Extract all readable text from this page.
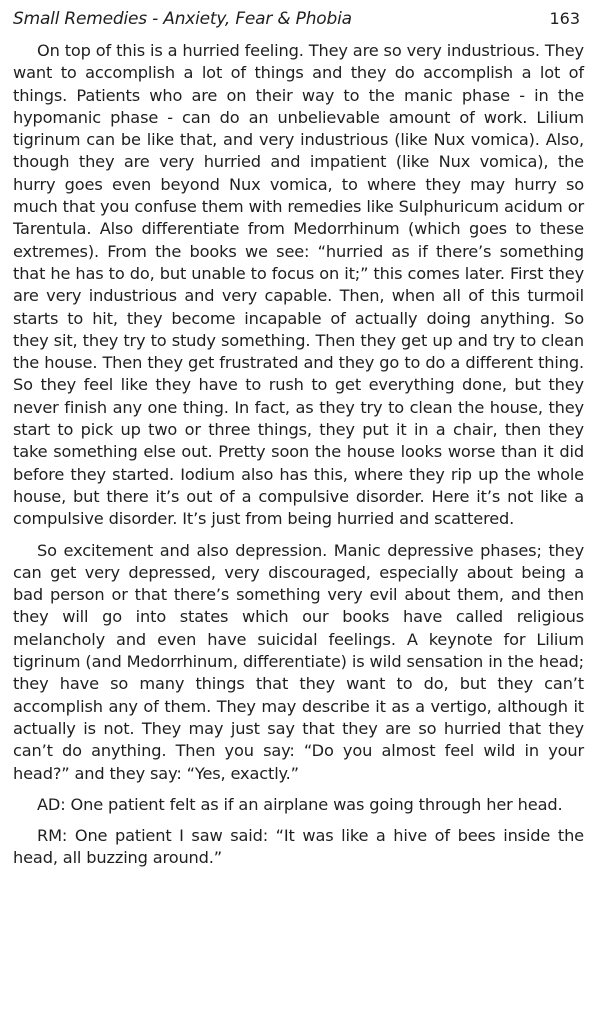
Small Remedies - Anxiety, Fear & Phobia	163

On top of this is a hurried feeling. They are so very industrious. They want to accomplish a lot of things and they do accomplish a lot of things. Patients who are on their way to the manic phase - in the hypomanic phase - can do an unbelievable amount of work. Lilium tigrinum can be like that, and very industrious (like Nux vomica). Also, though they are very hurried and impatient (like Nux vomica), the hurry goes even beyond Nux vomica, to where they may hurry so much that you confuse them with remedies like Sulphuricum acidum or Tarentula. Also differentiate from Medorrhinum (which goes to these extremes). From the books we see: “hurried as if there’s something that he has to do, but unable to focus on it;” this comes later. First they are very industrious and very capable. Then, when all of this turmoil starts to hit, they become incapable of actually doing anything. So they sit, they try to study something. Then they get up and try to clean the house. Then they get frustrated and they go to do a different thing. So they feel like they have to rush to get everything done, but they never finish any one thing. In fact, as they try to clean the house, they start to pick up two or three things, they put it in a chair, then they take something else out. Pretty soon the house looks worse than it did before they started. Iodium also has this, where they rip up the whole house, but there it’s out of a compulsive disorder. Here it’s not like a compulsive disorder. It’s just from being hurried and scattered.

So excitement and also depression. Manic depressive phases; they can get very depressed, very discouraged, especially about being a bad person or that there’s something very evil about them, and then they will go into states which our books have called religious melancholy and even have suicidal feelings. A keynote for Lilium tigrinum (and Medorrhinum, differentiate) is wild sensation in the head; they have so many things that they want to do, but they can’t accomplish any of them. They may describe it as a vertigo, although it actually is not. They may just say that they are so hurried that they can’t do anything. Then you say: “Do you almost feel wild in your head?” and they say: “Yes, exactly.”

AD: One patient felt as if an airplane was going through her head.

RM: One patient I saw said: “It was like a hive of bees inside the head, all buzzing around.”
